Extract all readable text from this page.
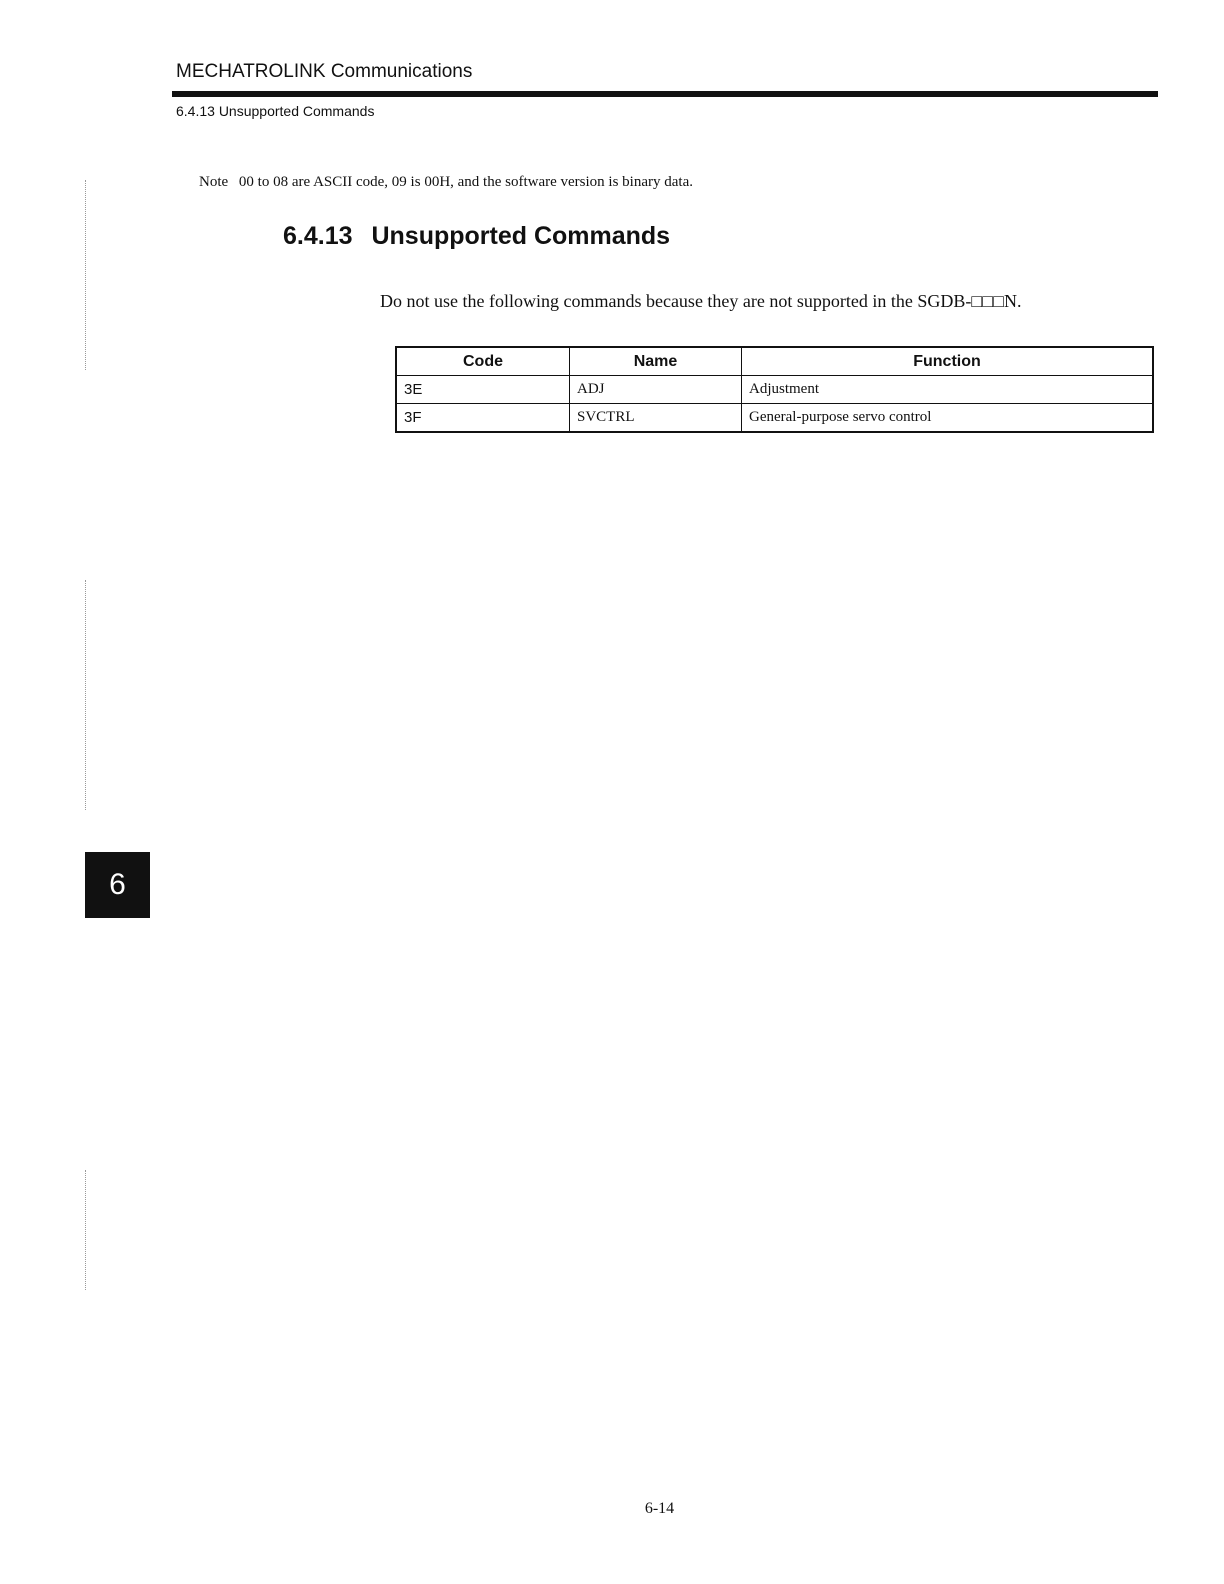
MECHATROLINK Communications
6.4.13 Unsupported Commands
Note 00 to 08 are ASCII code, 09 is 00H, and the software version is binary data.
6.4.13 Unsupported Commands
Do not use the following commands because they are not supported in the SGDB-□□□N.
Code	Name	Function
3E	ADJ	Adjustment
3F	SVCTRL	General-purpose servo control
6
6-14
